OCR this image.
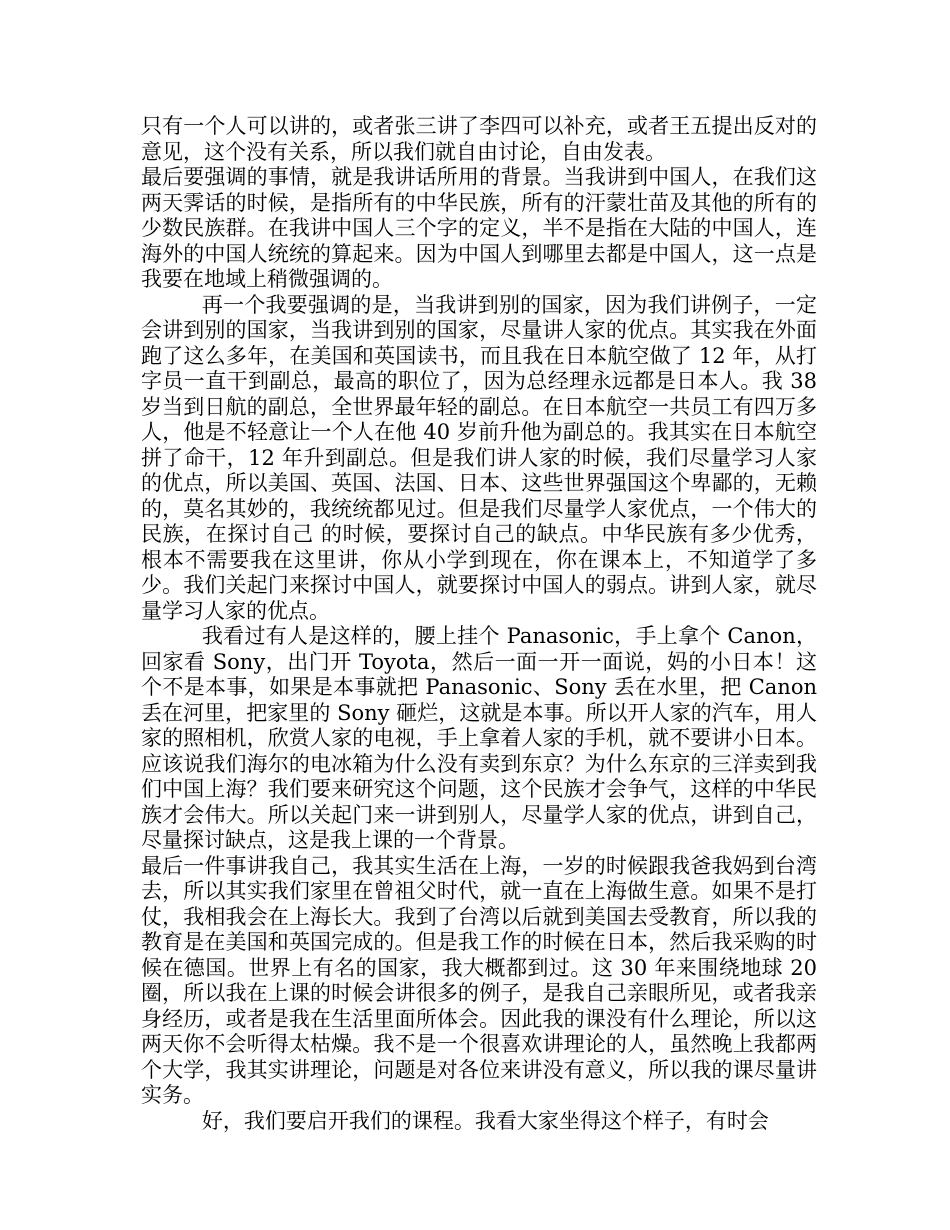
只有一个人可以讲的，或者张三讲了李四可以补充，或者王五提出反对的意见，这个没有关系，所以我们就自由讨论，自由发表。

最后要强调的事情，就是我讲话所用的背景。当我讲到中国人，在我们这两天霁话的时候，是指所有的中华民族，所有的汗蒙壮苗及其他的所有的少数民族群。在我讲中国人三个字的定义，半不是指在大陆的中国人，连海外的中国人统统的算起来。因为中国人到哪里去都是中国人，这一点是我要在地域上稍微强调的。

再一个我要强调的是，当我讲到别的国家，因为我们讲例子，一定会讲到别的国家，当我讲到别的国家，尽量讲人家的优点。其实我在外面跑了这么多年，在美国和英国读书，而且我在日本航空做了 12 年，从打字员一直干到副总，最高的职位了，因为总经理永远都是日本人。我 38 岁当到日航的副总，全世界最年轻的副总。在日本航空一共员工有四万多人，他是不轻意让一个人在他 40 岁前升他为副总的。我其实在日本航空拼了命干，12 年升到副总。但是我们讲人家的时候，我们尽量学习人家的优点，所以美国、英国、法国、日本、这些世界强国这个卑鄙的，无赖的，莫名其妙的，我统统都见过。但是我们尽量学人家优点，一个伟大的民族，在探讨自己 的时候，要探讨自己的缺点。中华民族有多少优秀，根本不需要我在这里讲，你从小学到现在，你在课本上，不知道学了多少。我们关起门来探讨中国人，就要探讨中国人的弱点。讲到人家，就尽量学习人家的优点。

我看过有人是这样的，腰上挂个 Panasonic，手上拿个 Canon，回家看 Sony，出门开 Toyota，然后一面一开一面说，妈的小日本！这个不是本事，如果是本事就把 Panasonic、Sony 丢在水里，把 Canon 丢在河里，把家里的 Sony 砸烂，这就是本事。所以开人家的汽车，用人家的照相机，欣赏人家的电视，手上拿着人家的手机，就不要讲小日本。应该说我们海尔的电冰箱为什么没有卖到东京？为什么东京的三洋卖到我们中国上海？我们要来研究这个问题，这个民族才会争气，这样的中华民族才会伟大。所以关起门来一讲到别人，尽量学人家的优点，讲到自己，尽量探讨缺点，这是我上课的一个背景。

最后一件事讲我自己，我其实生活在上海，一岁的时候跟我爸我妈到台湾去，所以其实我们家里在曾祖父时代，就一直在上海做生意。如果不是打仗，我相我会在上海长大。我到了台湾以后就到美国去受教育，所以我的教育是在美国和英国完成的。但是我工作的时候在日本，然后我采购的时候在德国。世界上有名的国家，我大概都到过。这 30 年来围绕地球 20 圈，所以我在上课的时候会讲很多的例子，是我自己亲眼所见，或者我亲身经历，或者是我在生活里面所体会。因此我的课没有什么理论，所以这两天你不会听得太枯燥。我不是一个很喜欢讲理论的人，虽然晚上我都两个大学，我其实讲理论，问题是对各位来讲没有意义，所以我的课尽量讲实务。

好，我们要启开我们的课程。我看大家坐得这个样子，有时会
